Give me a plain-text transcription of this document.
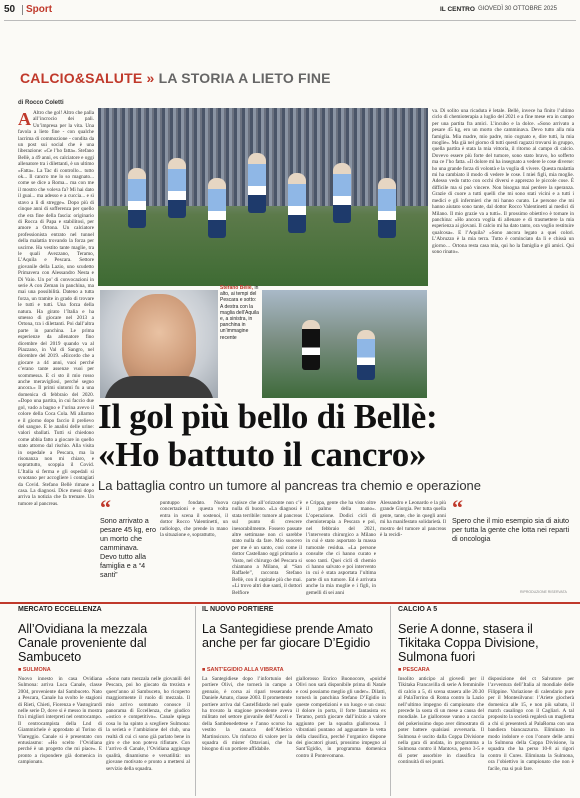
50 Sport	IL CENTRO GIOVEDÌ 30 OTTOBRE 2025
CALCIO&SALUTE » LA STORIA A LIETO FINE
di Rocco Coletti
A Altro che gol! Altro che palla all’incrocio dei pali. Un’impresa per la vita. Una favola a lieto fine - con qualche lacrima di commozione - condita da un post sui social che è una liberazione: «Ce l’ho fatta». Stefano Bellè, a 49 anni, ex calciatore e oggi allenatore tra i dilettanti, è un ultimo «Fatta». La Tac di controllo... tutto ok... Il cancro me lo so magnato... come se dice a Roma... ma con me il mostro che voleva fa? Mi hai dato il guai... ma adesso e a cuccia... e sì stavo a lì di stregge». Dopo più di cinque anni di sofferenza per quello che era fine della fascia: originario di Rocca di Papa e stabilitosi, per amore a Ortona. Un calciatore professionista entrato nel tunnel della malattia trovando la forza per uscirne. Ha vestito tante maglie, tra le quali Avezzano, Teramo, L’Aquila e Pescara. Settore giovanile della Lazio, uno scudetto Primavera con Alessandro Nesta e Di Vaio. Un po’ di convocazioni in serie A con Zeman in panchina, ma mai una possibilità. Dateno a tutta forza, un tramite in grado di trovare le tutti e tutti. Una forza della natura. Ha girato l’Italia e ha smesso di giocare nel 2013 a Ortona, tra i dilettanti. Poi dall’altra parte in panchina. Le prima esperienze da allenatore fino dicembre del 2019 quando va al Piazzano, in Val di Sangro, nel dicembre del 2019. «Ricordo che a giocare a 44 anni, vuoi perché c’erano tante assenze vuoi per scommessa. E ci sto il mio rosso anche meravigliosi, perché segno ancora.» Il primi sintomi fu a una domenica di febbraio del 2020. «Dopo una partita, in cui faccio due gol, vado a bagno e l’urina avevo il colore della Coca Cola. Mi allarmo e il giorno dopo faccio il prelievo del sangue. E le analisi delle urine: valori sballati. Tutti si chiedono come abbia fatto a giocare in quello stato attorno dal rischio. Alla visita in ospedale a Pescara, ma la risonanza non mi chiaro, e soprattutto, scoppia il Covid. L’Italia si ferma e gli ospedali si svuotano per accogliere i contagiati da Covid. Stefano Bellè rimane a casa. La diagnosi. Dice messi dopo arriva la notizia che fa tremare. Un tumore al pancreas.
Stefano Bellè, in alto, ai tempi del Pescara e sotto: A destra con la maglia dell’Aquila e, a sinistra, in panchina in un’immagine recente
Il gol più bello di Bellè:
«Ho battuto il cancro»
La battaglia contro un tumore al pancreas tra chemio e operazione
“
Sono arrivato a pesare 45 kg, ero un morto che camminava. Devo tutto alla famiglia e a “4 santi”
puntuppo fondato. Nuova concertazioni e questa volta entra in scena il sostenoi, il dottor Rocco Valentinetti, un radiologo, che prende in mano la situazione e, soprattutto,
capisce che all’orizzonte non c’è nulla di buono. «La diagnosi è stata terribile: tumore al pancreas sul punto di crescere inesorabilmente. Fossero passate altre settimane non ci sarebbe stato nulla da fare. Mio suocero per me è un santo, così come il dottor Castellano oggi primario a Vasto, nel chirurgo del Pescara si chiamano a Milano, al “San Raffaele”, racconta Stefano Bellè, con il capitale più che mai. «Li trovo altri due santi, il dottori Belfiore
e Crippa, gente che ha visto oltre il palmo della mano». L’operazione. Dodici cicli di chemioterapia a Pescara e poi, nel febbraio del 2021, l’intervento chirurgico a Milano in cui è stato asportato la massa tumorale residua. «La persone consulte che ci hanno curato e sono tanti. Quei cicli di chemio ci hanno salvato e poi intervento in cui è stata asportata l’ultima parte di un tumore. Ed è arrivata anche la mia moglie e i figli, in gemelli di sei anni
Alessandro e Leonardo e la più grande Giorgia. Per tutta quella gente, tante, che in quegli anni mi ha manifestato solidarietà. Il mostro del tumore al pancreas è la recidi-
“
Spero che il mio esempio sia di aiuto per tutta la gente che lotta nei reparti di oncologia
va. Di solito una ricaduta è letale. Bellè, invece ha finito l’ultimo ciclo di chemioterapia a luglio del 2021 e a fine mese era in campo per una partita fra amici. L’incubo e la dolce. «Sono arrivato a pesare 45 kg, ero un morto che camminava. Devo tutto alla mia famiglia. Mia madre, mio padre, mio cognato e, dire tutti, la mia moglie». Ma già nel giorno di tutti questi ragazzi trovarsi in gruppo, quella partita è stata la mia vittoria, il ritorno al campo di calcio. Dovevo essere più forte del tumore, sono stato bravo, ho sofferto ma ce l’ho fatta. «Il dolore mi ha insegnato a vedere le cose diverse: ho una grande forza di volontà e la voglia di vivere. Questa malattia mi ha cambiato il modo di vedere le cose. I miei figli, mia moglie. Adesso vedo tutto con occhi diversi e apprezzo le piccole cose. È difficile ma si può vincere. Non bisogna mai perdere la speranza. Grazie di cuore a tutti quelli che mi sono stati vicini e a tutti i medici e gli infermieri che mi hanno curato. Le persone che mi hanno aiutato sono tante, dal dottor Rocco Valentinetti ai medici di Milano. Il mio grazie va a tutti». Il prossimo obiettivo è tornare in panchina: «Ho ancora voglia di allenare e di trasmettere la mia esperienza ai giovani. Il calcio mi ha dato tanto, ora voglio restituire qualcosa». E l’Aquila? «Sono ancora legato a quei colori. L’Abruzzo è la mia terra. Tutto è cominciato da lì e chissà un giorno… Ortona resta casa mia, qui ho la famiglia e gli amici. Qui sono rinato».
RIPRODUZIONE RISERVATA
MERCATO ECCELLENZA
All’Ovidiana la mezzala Canale proveniente dal Sambuceto
■ SULMONA
Nuovo innesto in casa Ovidiana Sulmona: arriva Luca Canale, classe 2004, proveniente dal Sambuceto. Nato a Pescara, Canale ha svolto le stagioni di Rieti, Chieti, Fiorenza e Vastogirardi nelle serie D, dove si è messo in mostra fra i migliori interpreti nel centrocampo. Il centrocampista della Lnd di Giammichele è approdato al Torino di Viareggio. Canale si è presentato con entusiasmo: «Ho scelto l’Ovidiana perché è un progetto che mi piace». E pronto a rispondere già domenica in campionato.
«Sono nato mezzala nelle giovanili del Pescara, poi ho giocato da trezista e quest’anno al Sambuceto, ho ricoperto maggiormente il ruolo di mezzala. Il mio arrivo sommato conosce il panorama di Eccellenza, che giudico «ostico e competitivo». Canale spiega cosa lo ha spinto a scegliere Sulmona: la serietà e l’ambizione del club, una realtà di cui ci sono già parlato bene in giro e che non poteva rifiutare. Con l’arrivo di Canale, l’Ovidiana aggiunge qualità, dinamismo e versatilità: un giovane motivato e pronto a mettersi al servizio della squadra.
IL NUOVO PORTIERE
La Santegidiese prende Amato anche per far giocare D’Egidio
■ SANT’EGIDIO ALLA VIBRATA
La Santegidiese dopo l’infortunio del portiere Olivi, che tornerà in campo a gennaio, è corsa ai ripari tesserando Daniele Amato, classe 2003. Il promettente portiere arriva dal Castelfidardo nel quale ha trovato la stagione precedente aveva militato nel settore giovanile dell’Ascoli e della Sambenedettese e l’anno scorso ha vestito la casacca dell’Atletico Martinsicuro. Un rinforzo di valore per la squadra di mister Ottaviani, che ha bisogno di un portiere affidabile.
giallorosso Enrico Buonocore, «poiché Olivi non sarà disponibile prima di Natale e così possiamo meglio gli under». Dilatti, tornerà in panchina Stefano D’Egidio in queste competizioni e un luogo e un cosa: il dolore in porta, il forte fantasista ex Teramo, potrà giocare dall’inizio a valore aggiunto per la squadra giallorossa. I vibratiani puntano ad agguantare la vetta della classifica, perché l’organico dispone dei giocatori giusti, prossimo impegno al Sant’Egidio, in programma domenica contro il Pontevomano.
CALCIO A 5
Serie A donne, stasera il Tikitaka Coppa Divisione, Sulmona fuori
■ PESCARA
Insolito anticipo al giovedì per il Tikitaka Francavilla di serie A femminile di calcio a 5, di scena stasera alle 20.30 al PalaTorrino di Roma contro la Lazio nell’ultimo impegno di campionato che precede la sosta di un mese a causa del mondiale. Le giallorosse vanno a caccia del pokerissimo dopo aver dimostrato di poter battere qualsiasi avversaria. Il Sulmona è uscito dalla Coppa Divisione nella gara di andata, in programma a Sulmona contro il Mantova, perso 3-5 e di poter assorbire in classifica la continuità di sei punti.
disposizione del ct Salvatore per l’avventura dell’Italia al mondiale delle Filippine. Variazione di calendario pure per il Montesilvano: l’Ariete giocherà domenica alle 15, e non più sabato, il match casalingo con il Cagliari. A tal proposito la società regalerà un maglietta a chi si presenterà al PalaRoma con una bandiera biancazzurra. Eliminato in modo indolore e con l’onore delle armi la Sulmona della Coppa Divisione, la squadra che ha perso 10-8 ai rigori contro il Cures. Eliminata la Sulmona, ora l’obiettivo in campionato che non è facile, ma si può fare.
